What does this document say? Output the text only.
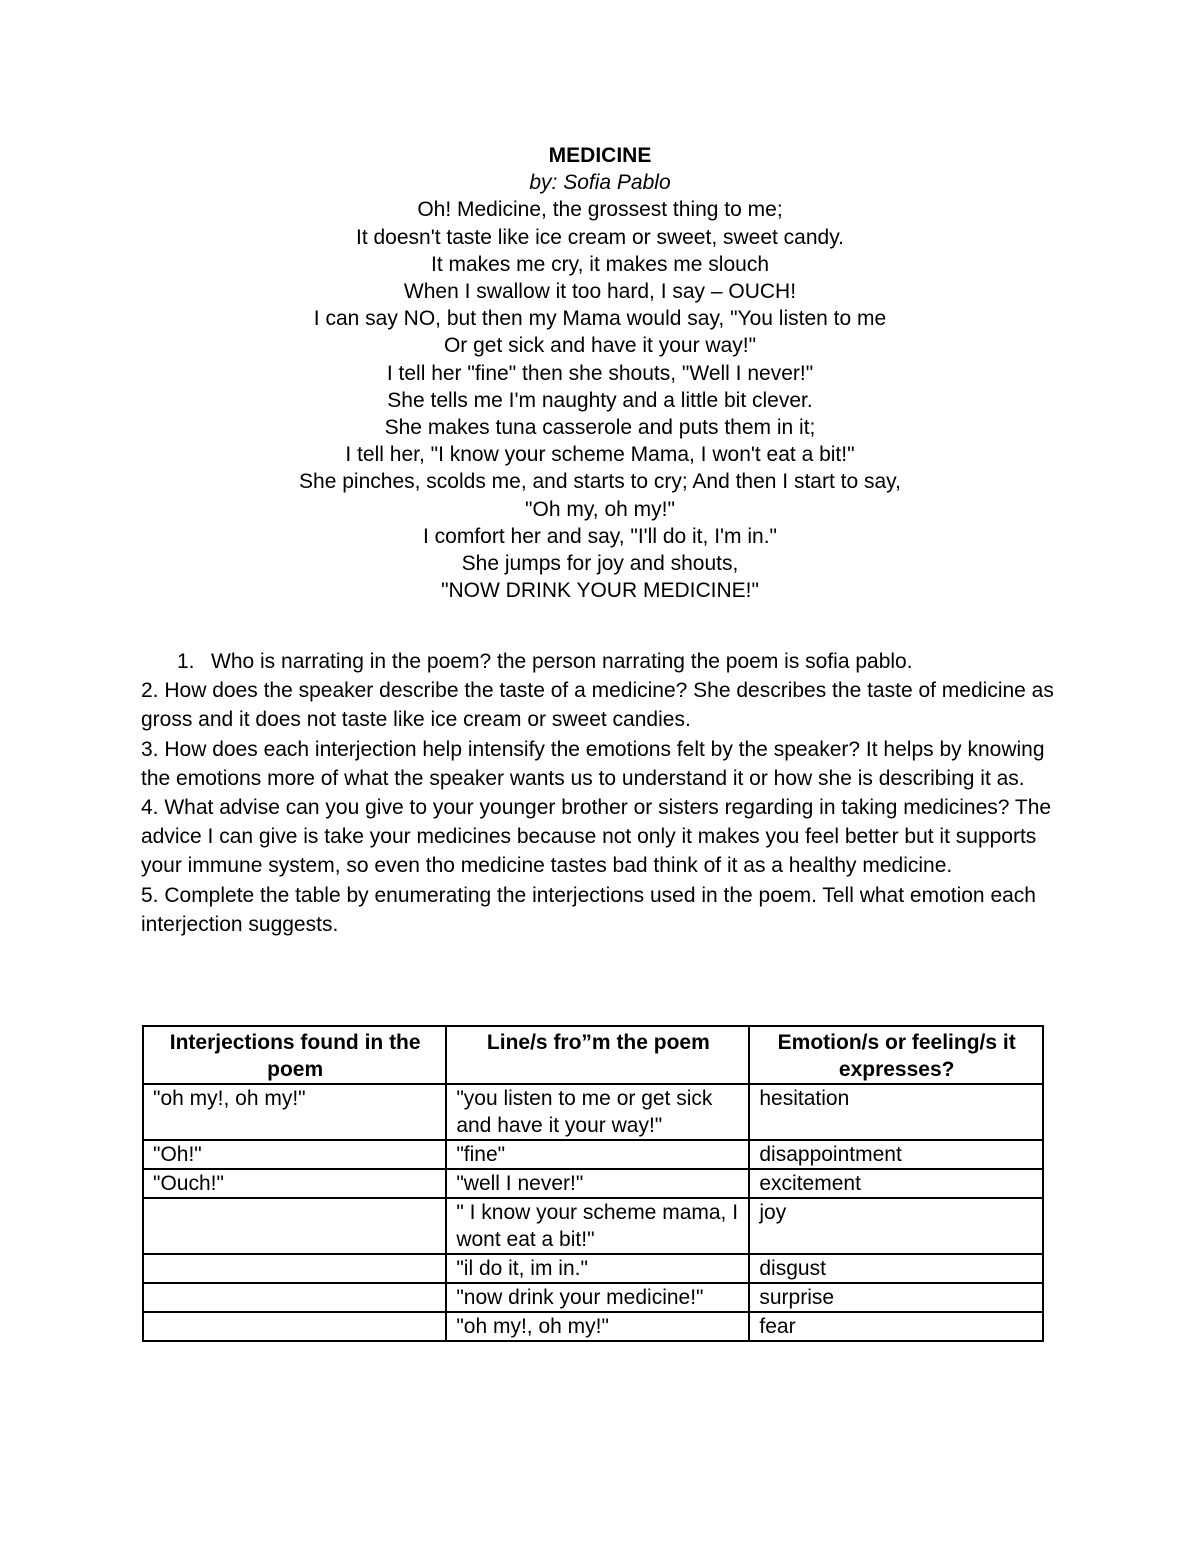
MEDICINE
by: Sofia Pablo
Oh! Medicine, the grossest thing to me;
It doesn't taste like ice cream or sweet, sweet candy.
It makes me cry, it makes me slouch
When I swallow it too hard, I say – OUCH!
I can say NO, but then my Mama would say, "You listen to me
Or get sick and have it your way!"
I tell her "fine" then she shouts, "Well I never!"
She tells me I'm naughty and a little bit clever.
She makes tuna casserole and puts them in it;
I tell her, "I know your scheme Mama, I won't eat a bit!"
She pinches, scolds me, and starts to cry; And then I start to say,
"Oh my, oh my!"
I comfort her and say, "I'll do it, I'm in."
She jumps for joy and shouts,
"NOW DRINK YOUR MEDICINE!"

1. Who is narrating in the poem? the person narrating the poem is sofia pablo.

2. How does the speaker describe the taste of a medicine? She describes the taste of medicine as gross and it does not taste like ice cream or sweet candies.

3. How does each interjection help intensify the emotions felt by the speaker? It helps by knowing the emotions more of what the speaker wants us to understand it or how she is describing it as.

4. What advise can you give to your younger brother or sisters regarding in taking medicines? The advice I can give is take your medicines because not only it makes you feel better but it supports your immune system, so even tho medicine tastes bad think of it as a healthy medicine.

5. Complete the table by enumerating the interjections used in the poem. Tell what emotion each interjection suggests.

Interjections found in the poem	Line/s fro”m the poem	Emotion/s or feeling/s it expresses?
"oh my!, oh my!"	"you listen to me or get sick and have it your way!"	hesitation
"Oh!"	"fine"	disappointment
"Ouch!"	"well I never!"	excitement
	" I know your scheme mama, I wont eat a bit!"	joy
	"il do it, im in."	disgust
	"now drink your medicine!"	surprise
	"oh my!, oh my!"	fear
